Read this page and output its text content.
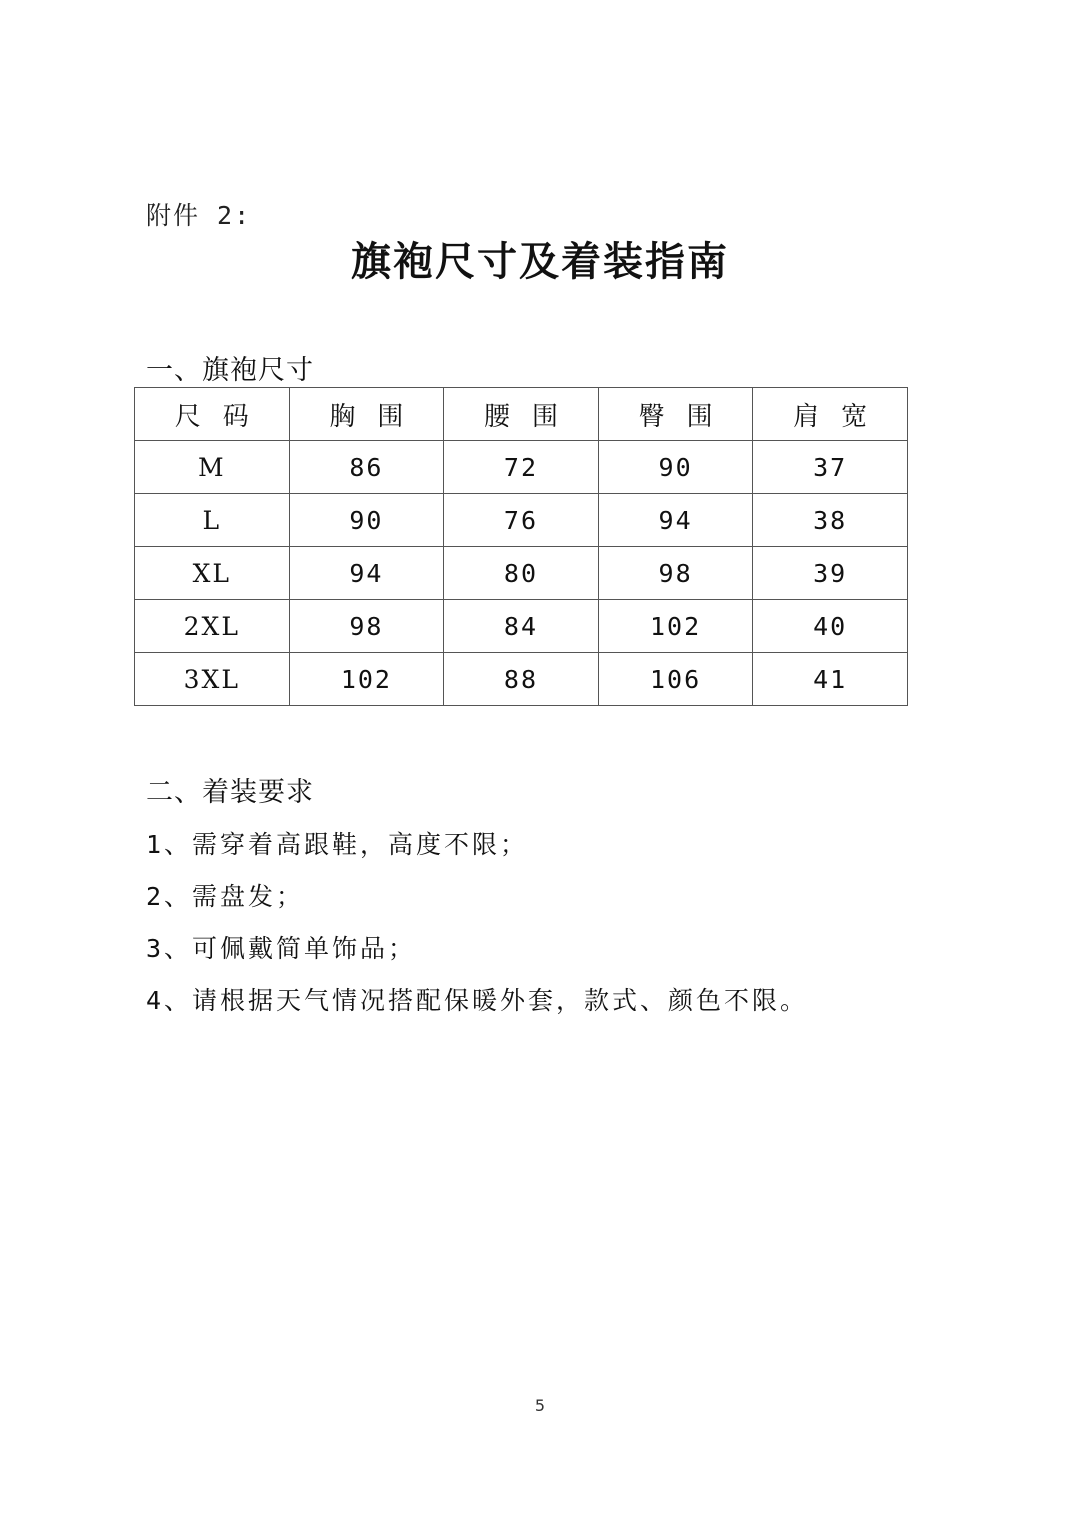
附件 2:
旗袍尺寸及着装指南
一、旗袍尺寸
尺码	胸围	腰围	臀围	肩宽
M	86	72	90	37
L	90	76	94	38
XL	94	80	98	39
2XL	98	84	102	40
3XL	102	88	106	41
二、着装要求
1、需穿着高跟鞋，高度不限；
2、需盘发；
3、可佩戴简单饰品；
4、请根据天气情况搭配保暖外套，款式、颜色不限。
5
